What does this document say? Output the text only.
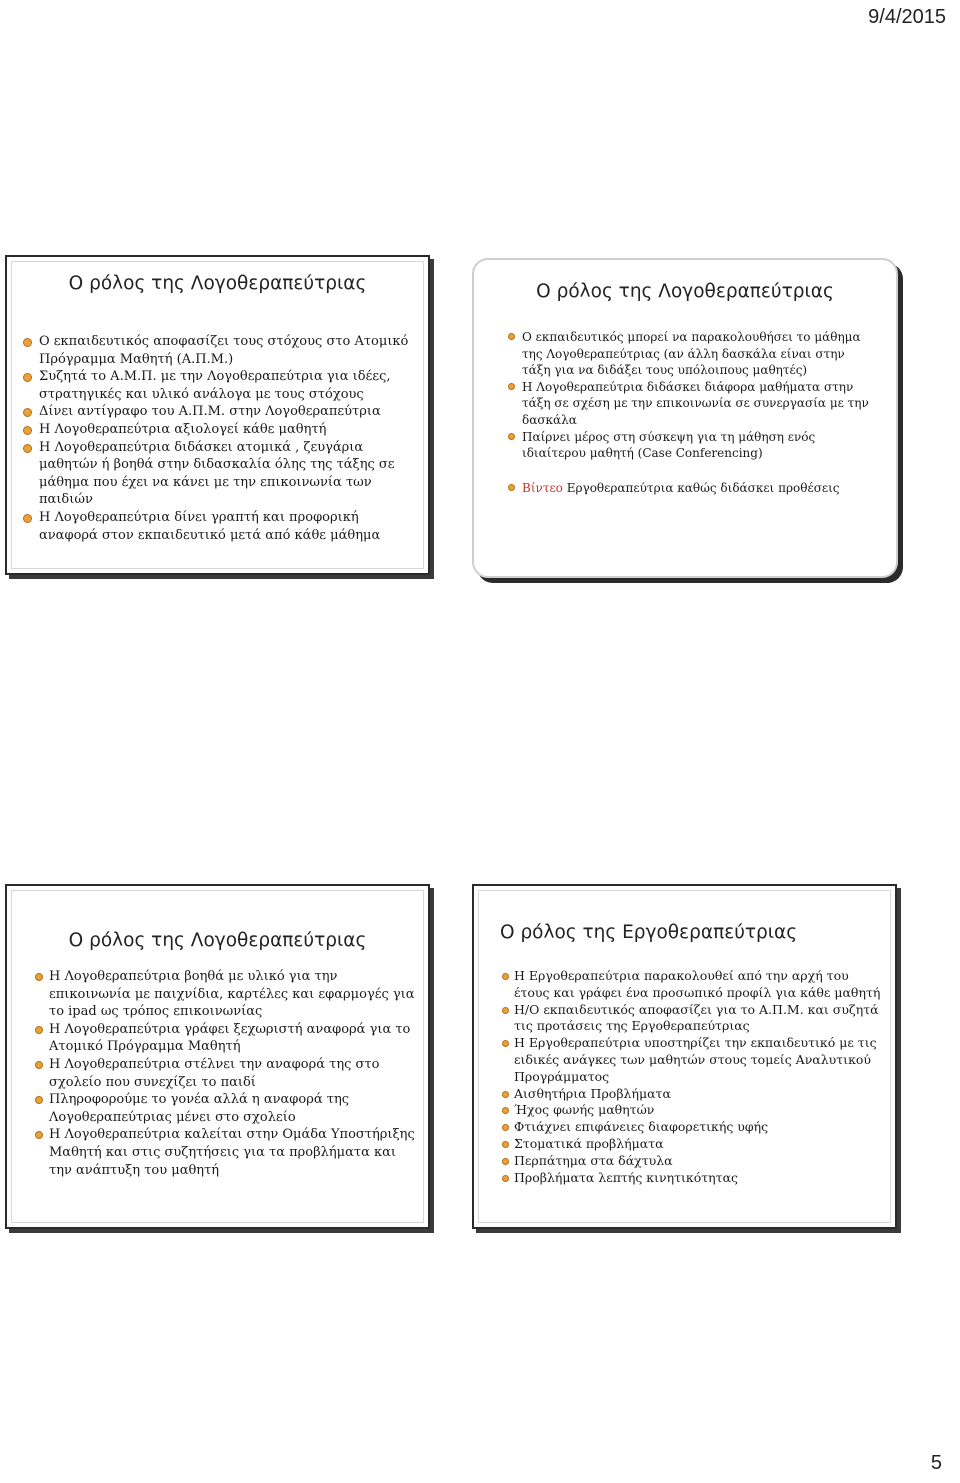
9/4/2015
Ο ρόλος της Λογοθεραπεύτριας
Ο εκπαιδευτικός αποφασίζει τους στόχους στο Ατομικό Πρόγραμμα Μαθητή (Α.Π.Μ.)
Συζητά το Α.Μ.Π. με την Λογοθεραπεύτρια για ιδέες, στρατηγικές και υλικό ανάλογα με τους στόχους
Δίνει αντίγραφο του Α.Π.Μ. στην Λογοθεραπεύτρια
Η Λογοθεραπεύτρια αξιολογεί κάθε μαθητή
Η Λογοθεραπεύτρια διδάσκει ατομικά , ζευγάρια μαθητών ή βοηθά στην διδασκαλία όλης της τάξης σε μάθημα που έχει να κάνει με την επικοινωνία των παιδιών
Η Λογοθεραπεύτρια δίνει γραπτή και προφορική αναφορά στον εκπαιδευτικό μετά από κάθε μάθημα
Ο ρόλος της Λογοθεραπεύτριας
Ο εκπαιδευτικός μπορεί να παρακολουθήσει το μάθημα της Λογοθεραπεύτριας (αν άλλη δασκάλα είναι στην τάξη για να διδάξει τους υπόλοιπους μαθητές)
Η Λογοθεραπεύτρια διδάσκει διάφορα μαθήματα στην τάξη σε σχέση με την επικοινωνία σε συνεργασία με την δασκάλα
Παίρνει μέρος στη σύσκεψη για τη μάθηση ενός ιδιαίτερου μαθητή (Case Conferencing)
Βίντεο Εργοθεραπεύτρια καθώς διδάσκει προθέσεις
Ο ρόλος της Λογοθεραπεύτριας
Η Λογοθεραπεύτρια βοηθά με υλικό για την επικοινωνία με παιχνίδια, καρτέλες και εφαρμογές για το ipad ως τρόπος επικοινωνίας
Η Λογοθεραπεύτρια γράφει ξεχωριστή αναφορά για το Ατομικό Πρόγραμμα Μαθητή
Η Λογοθεραπεύτρια στέλνει την αναφορά της στο σχολείο που συνεχίζει το παιδί
Πληροφορούμε το γονέα αλλά η αναφορά της Λογοθεραπεύτριας μένει στο σχολείο
Η Λογοθεραπεύτρια καλείται στην Ομάδα Υποστήριξης Μαθητή και στις συζητήσεις για τα προβλήματα και την ανάπτυξη του μαθητή
Ο ρόλος της Εργοθεραπεύτριας
Η Εργοθεραπεύτρια παρακολουθεί από την αρχή του έτους και γράφει ένα προσωπικό προφίλ για κάθε μαθητή
Η/Ο εκπαιδευτικός αποφασίζει για το Α.Π.Μ. και συζητά τις προτάσεις της Εργοθεραπεύτριας
Η Εργοθεραπεύτρια υποστηρίζει την εκπαιδευτικό με τις ειδικές ανάγκες των μαθητών στους τομείς Αναλυτικού Προγράμματος
Αισθητήρια Προβλήματα
Ήχος φωνής μαθητών
Φτιάχνει επιφάνειες διαφορετικής υφής
Στοματικά προβλήματα
Περπάτημα στα δάχτυλα
Προβλήματα λεπτής κινητικότητας
5
